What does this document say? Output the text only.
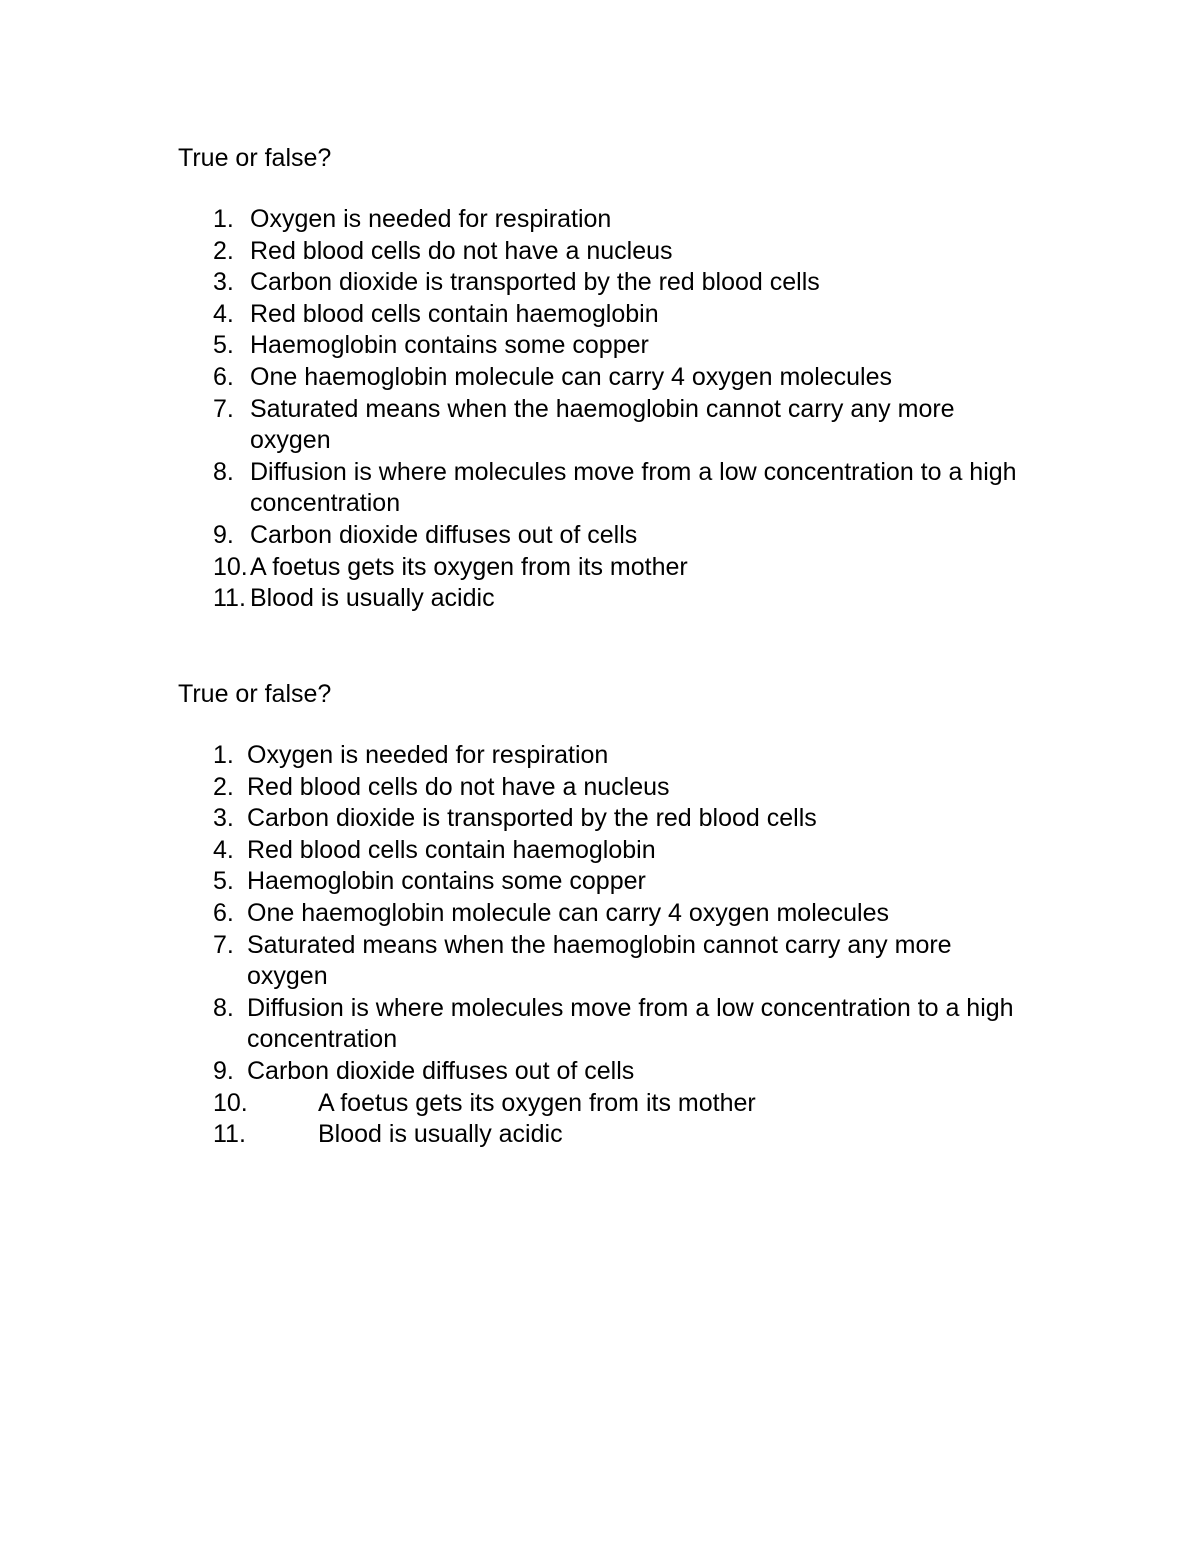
True or false?
1. Oxygen is needed for respiration
2. Red blood cells do not have a nucleus
3. Carbon dioxide is transported by the red blood cells
4. Red blood cells contain haemoglobin
5. Haemoglobin contains some copper
6. One haemoglobin molecule can carry 4 oxygen molecules
7. Saturated means when the haemoglobin cannot carry any more oxygen
8. Diffusion is where molecules move from a low concentration to a high concentration
9. Carbon dioxide diffuses out of cells
10. A foetus gets its oxygen from its mother
11. Blood is usually acidic
True or false?
1. Oxygen is needed for respiration
2. Red blood cells do not have a nucleus
3. Carbon dioxide is transported by the red blood cells
4. Red blood cells contain haemoglobin
5. Haemoglobin contains some copper
6. One haemoglobin molecule can carry 4 oxygen molecules
7. Saturated means when the haemoglobin cannot carry any more oxygen
8. Diffusion is where molecules move from a low concentration to a high concentration
9. Carbon dioxide diffuses out of cells
10.	A foetus gets its oxygen from its mother
11.	Blood is usually acidic
